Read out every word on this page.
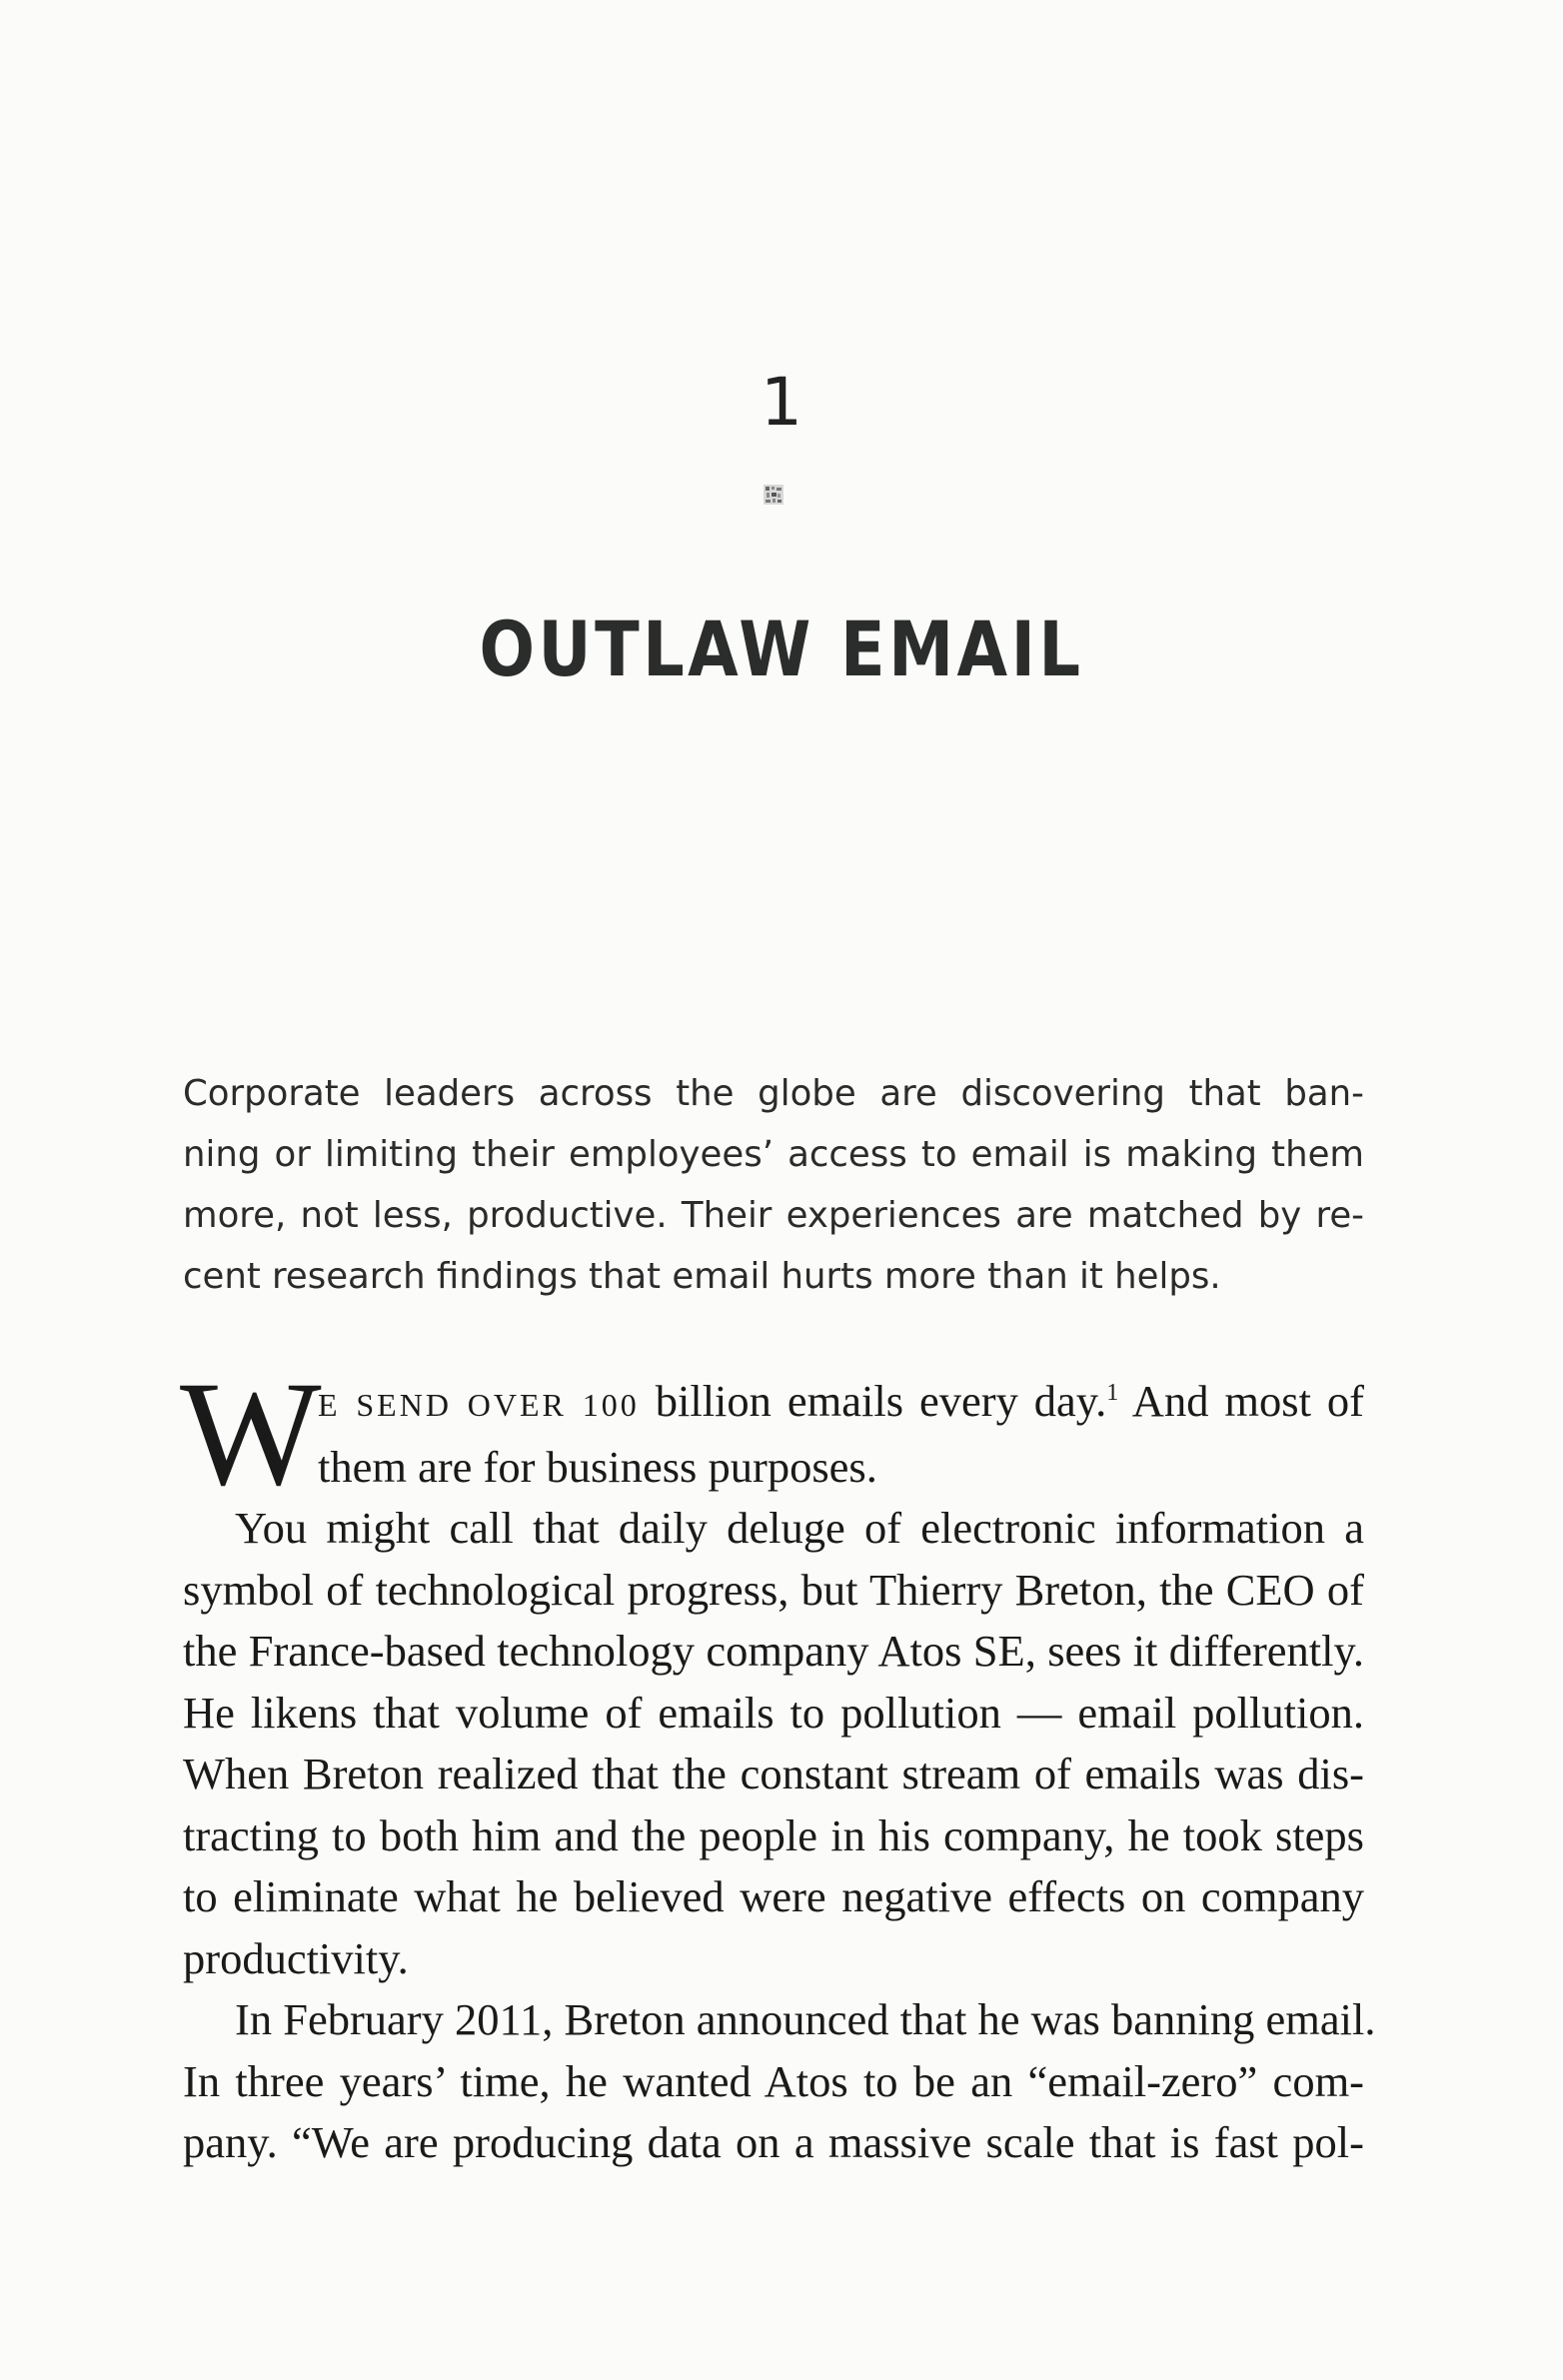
1
OUTLAW EMAIL
Corporate leaders across the globe are discovering that ban-
ning or limiting their employees’ access to email is making them
more, not less, productive. Their experiences are matched by re-
cent research findings that email hurts more than it helps.
W
E SEND OVER 100 billion emails every day.$^1$ And most of
them are for business purposes.
You might call that daily deluge of electronic information a
symbol of technological progress, but Thierry Breton, the CEO of
the France-based technology company Atos SE, sees it differently.
He likens that volume of emails to pollution — email pollution.
When Breton realized that the constant stream of emails was dis-
tracting to both him and the people in his company, he took steps
to eliminate what he believed were negative effects on company
productivity.
In February 2011, Breton announced that he was banning email.
In three years’ time, he wanted Atos to be an “email-zero” com-
pany. “We are producing data on a massive scale that is fast pol-
